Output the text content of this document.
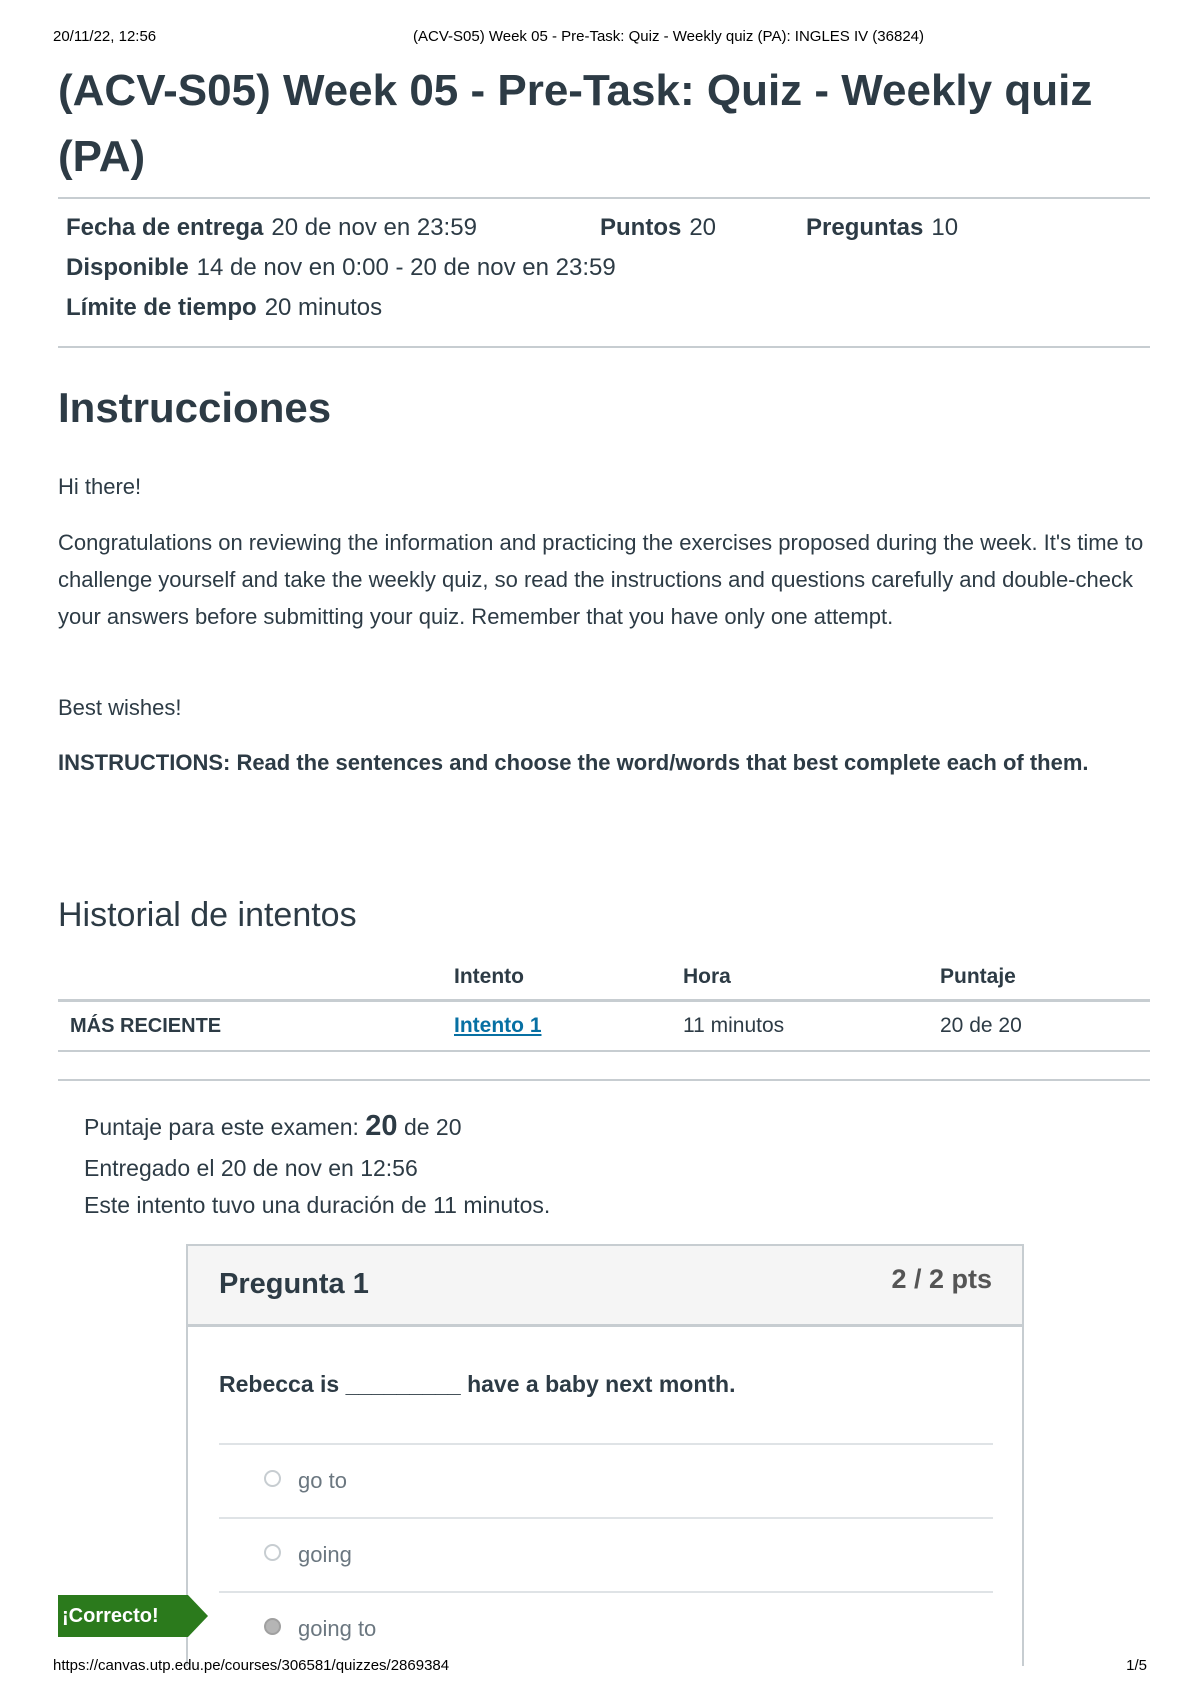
20/11/22, 12:56	(ACV-S05) Week 05 - Pre-Task: Quiz - Weekly quiz (PA): INGLES IV (36824)
(ACV-S05) Week 05 - Pre-Task: Quiz - Weekly quiz (PA)
Fecha de entrega 20 de nov en 23:59	Puntos 20	Preguntas 10
Disponible 14 de nov en 0:00 - 20 de nov en 23:59
Límite de tiempo 20 minutos
Instrucciones

Hi there!

Congratulations on reviewing the information and practicing the exercises proposed during the week. It's time to challenge yourself and take the weekly quiz, so read the instructions and questions carefully and double-check your answers before submitting your quiz. Remember that you have only one attempt.

Best wishes!

INSTRUCTIONS: Read the sentences and choose the word/words that best complete each of them.

Historial de intentos
	Intento	Hora	Puntaje
MÁS RECIENTE	Intento 1	11 minutos	20 de 20
Puntaje para este examen: 20 de 20
Entregado el 20 de nov en 12:56
Este intento tuvo una duración de 11 minutos.
Pregunta 1	2 / 2 pts
Rebecca is _________ have a baby next month.
go to
going
going to
¡Correcto!
https://canvas.utp.edu.pe/courses/306581/quizzes/2869384	1/5
